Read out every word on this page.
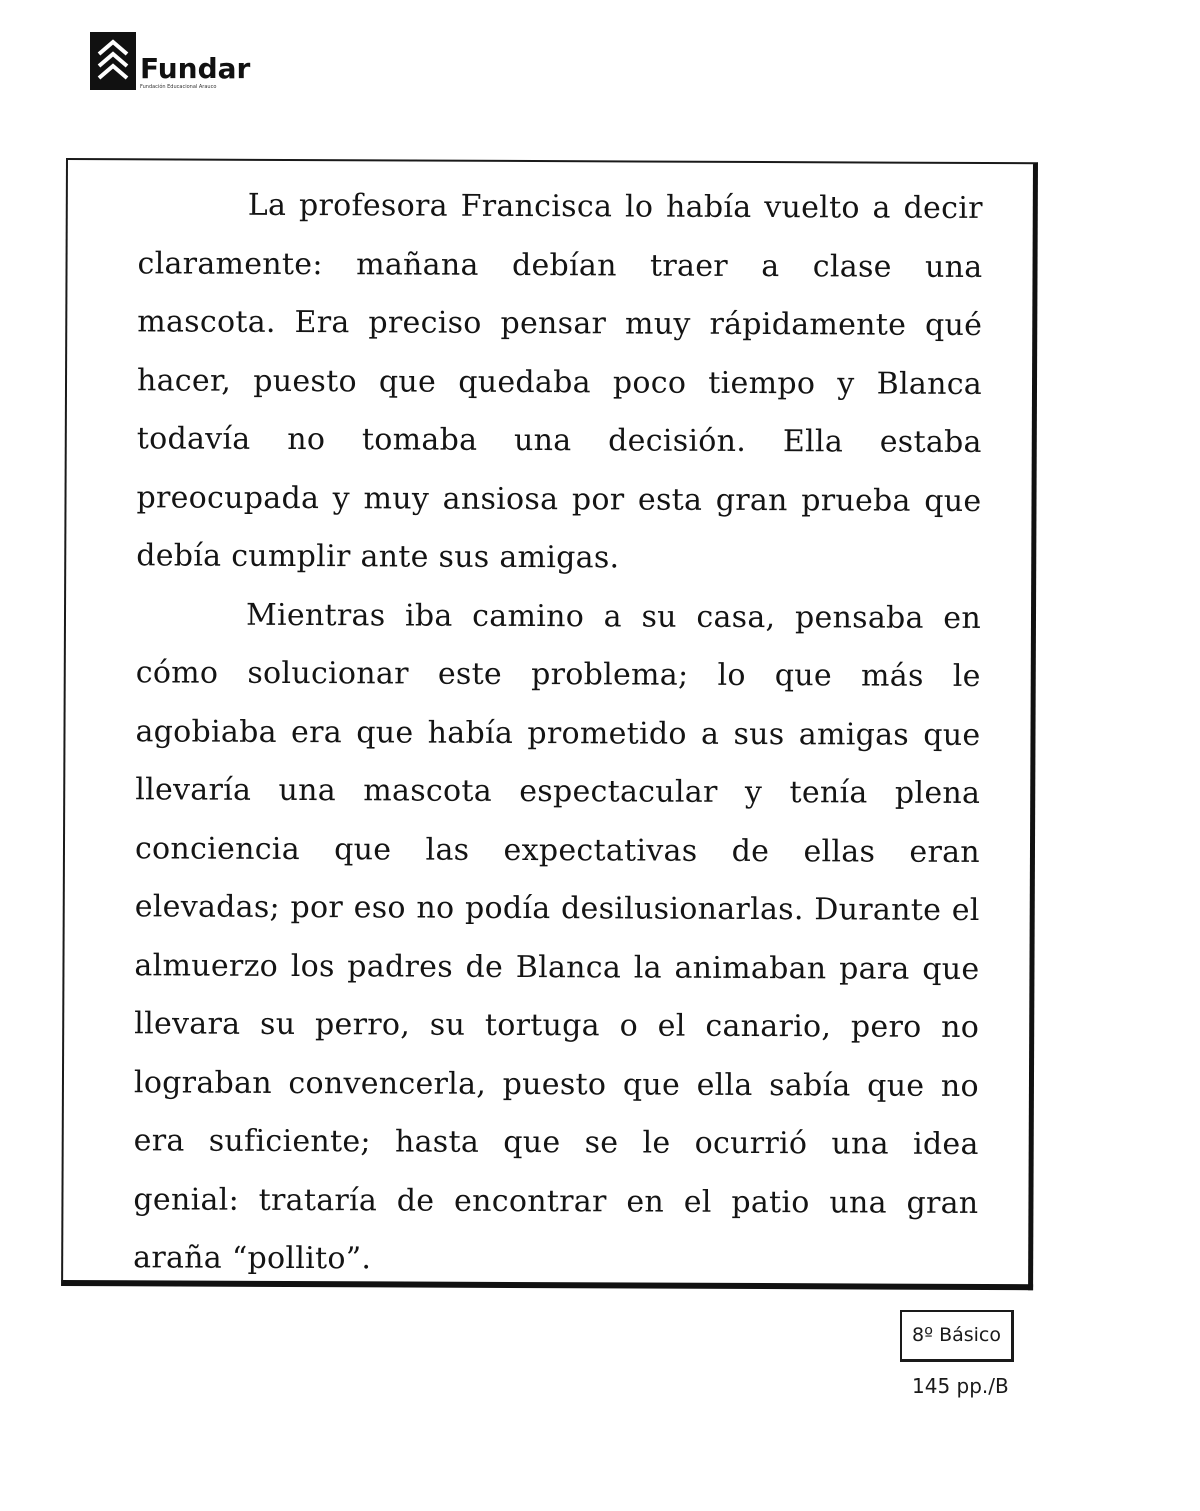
Fundar
Fundación Educacional Arauco

La profesora Francisca lo había vuelto a decir claramente: mañana debían traer a clase una mascota. Era preciso pensar muy rápidamente qué hacer, puesto que quedaba poco tiempo y Blanca todavía no tomaba una decisión. Ella estaba preocupada y muy ansiosa por esta gran prueba que debía cumplir ante sus amigas.

Mientras iba camino a su casa, pensaba en cómo solucionar este problema; lo que más le agobiaba era que había prometido a sus amigas que llevaría una mascota espectacular y tenía plena conciencia que las expectativas de ellas eran elevadas; por eso no podía desilusionarlas. Durante el almuerzo los padres de Blanca la animaban para que llevara su perro, su tortuga o el canario, pero no lograban convencerla, puesto que ella sabía que no era suficiente; hasta que se le ocurrió una idea genial: trataría de encontrar en el patio una gran araña “pollito”.

8º Básico
145 pp./B
